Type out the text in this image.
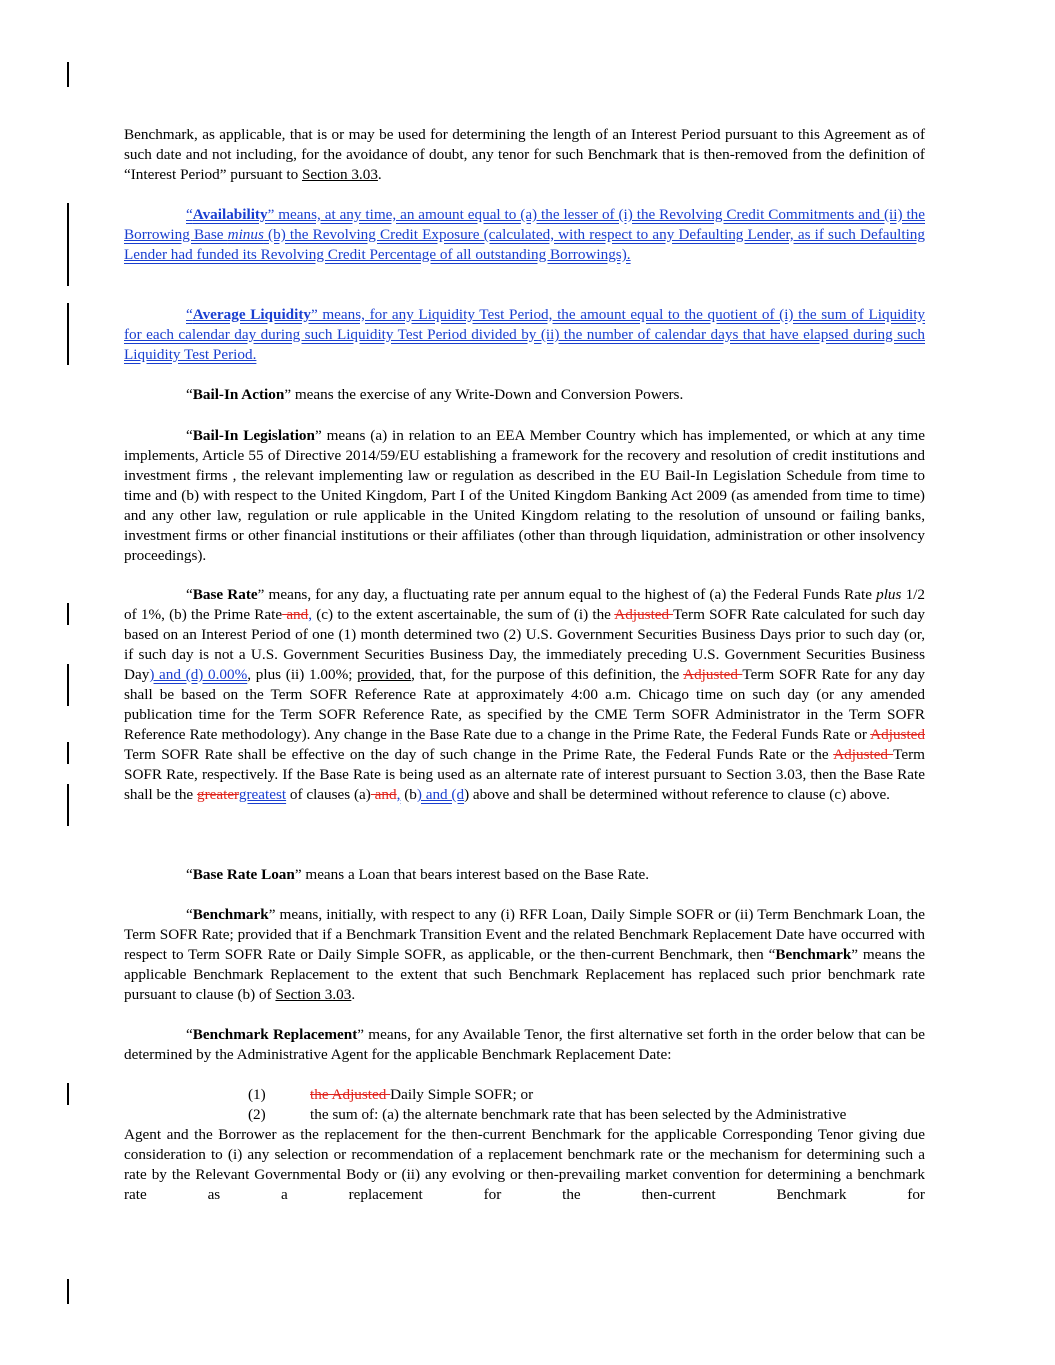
Benchmark, as applicable, that is or may be used for determining the length of an Interest Period pursuant to this Agreement as of such date and not including, for the avoidance of doubt, any tenor for such Benchmark that is then-removed from the definition of “Interest Period” pursuant to Section 3.03.
“Availability” means, at any time, an amount equal to (a) the lesser of (i) the Revolving Credit Commitments and (ii) the Borrowing Base minus (b) the Revolving Credit Exposure (calculated, with respect to any Defaulting Lender, as if such Defaulting Lender had funded its Revolving Credit Percentage of all outstanding Borrowings).
“Average Liquidity” means, for any Liquidity Test Period, the amount equal to the quotient of (i) the sum of Liquidity for each calendar day during such Liquidity Test Period divided by (ii) the number of calendar days that have elapsed during such Liquidity Test Period.
“Bail-In Action” means the exercise of any Write-Down and Conversion Powers.
“Bail-In Legislation” means (a) in relation to an EEA Member Country which has implemented, or which at any time implements, Article 55 of Directive 2014/59/EU establishing a framework for the recovery and resolution of credit institutions and investment firms , the relevant implementing law or regulation as described in the EU Bail-In Legislation Schedule from time to time and (b) with respect to the United Kingdom, Part I of the United Kingdom Banking Act 2009 (as amended from time to time) and any other law, regulation or rule applicable in the United Kingdom relating to the resolution of unsound or failing banks, investment firms or other financial institutions or their affiliates (other than through liquidation, administration or other insolvency proceedings).
“Base Rate” means, for any day, a fluctuating rate per annum equal to the highest of (a) the Federal Funds Rate plus 1/2 of 1%, (b) the Prime Rate and, (c) to the extent ascertainable, the sum of (i) the Adjusted Term SOFR Rate calculated for such day based on an Interest Period of one (1) month determined two (2) U.S. Government Securities Business Days prior to such day (or, if such day is not a U.S. Government Securities Business Day, the immediately preceding U.S. Government Securities Business Day) and (d) 0.00%, plus (ii) 1.00%; provided, that, for the purpose of this definition, the Adjusted Term SOFR Rate for any day shall be based on the Term SOFR Reference Rate at approximately 4:00 a.m. Chicago time on such day (or any amended publication time for the Term SOFR Reference Rate, as specified by the CME Term SOFR Administrator in the Term SOFR Reference Rate methodology). Any change in the Base Rate due to a change in the Prime Rate, the Federal Funds Rate or Adjusted Term SOFR Rate shall be effective on the day of such change in the Prime Rate, the Federal Funds Rate or the Adjusted Term SOFR Rate, respectively. If the Base Rate is being used as an alternate rate of interest pursuant to Section 3.03, then the Base Rate shall be the greatergreatest of clauses (a) and, (b) and (d) above and shall be determined without reference to clause (c) above.
“Base Rate Loan” means a Loan that bears interest based on the Base Rate.
“Benchmark” means, initially, with respect to any (i) RFR Loan, Daily Simple SOFR or (ii) Term Benchmark Loan, the Term SOFR Rate; provided that if a Benchmark Transition Event and the related Benchmark Replacement Date have occurred with respect to Term SOFR Rate or Daily Simple SOFR, as applicable, or the then-current Benchmark, then “Benchmark” means the applicable Benchmark Replacement to the extent that such Benchmark Replacement has replaced such prior benchmark rate pursuant to clause (b) of Section 3.03.
“Benchmark Replacement” means, for any Available Tenor, the first alternative set forth in the order below that can be determined by the Administrative Agent for the applicable Benchmark Replacement Date:
(1)	the Adjusted Daily Simple SOFR; or
(2)	the sum of: (a) the alternate benchmark rate that has been selected by the Administrative
Agent and the Borrower as the replacement for the then-current Benchmark for the applicable Corresponding Tenor giving due consideration to (i) any selection or recommendation of a replacement benchmark rate or the mechanism for determining such a rate by the Relevant Governmental Body or (ii) any evolving or then-prevailing market convention for determining a benchmark rate as a replacement for the then-current Benchmark for
